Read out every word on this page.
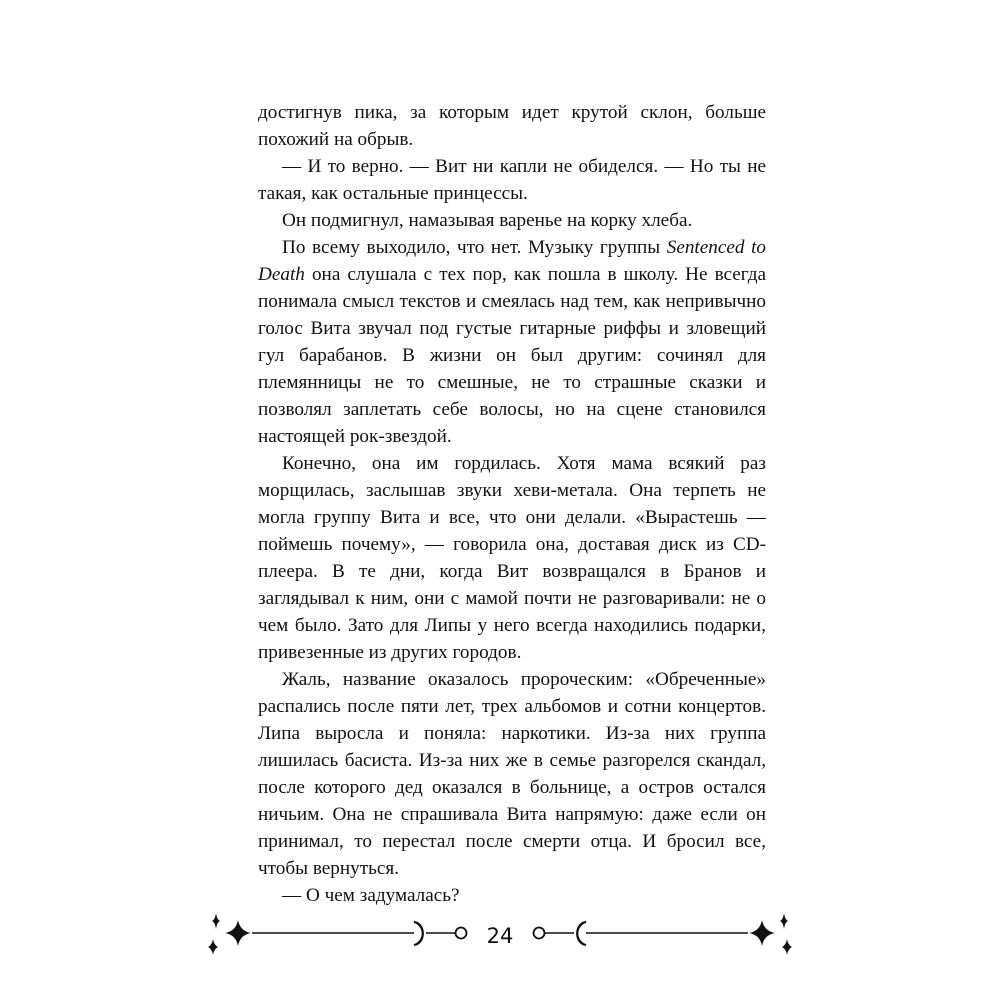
достигнув пика, за которым идет крутой склон, больше похожий на обрыв.

— И то верно. — Вит ни капли не обиделся. — Но ты не такая, как остальные принцессы.

Он подмигнул, намазывая варенье на корку хлеба.

По всему выходило, что нет. Музыку группы Sentenced to Death она слушала с тех пор, как пошла в школу. Не всегда понимала смысл текстов и смеялась над тем, как непривычно голос Вита звучал под густые гитарные риффы и зловещий гул барабанов. В жизни он был другим: сочинял для племянницы не то смешные, не то страшные сказки и позволял заплетать себе волосы, но на сцене становился настоящей рок-звездой.

Конечно, она им гордилась. Хотя мама всякий раз морщилась, заслышав звуки хеви-метала. Она терпеть не могла группу Вита и все, что они делали. «Вырастешь — поймешь почему», — говорила она, доставая диск из CD-плеера. В те дни, когда Вит возвращался в Бранов и заглядывал к ним, они с мамой почти не разговаривали: не о чем было. Зато для Липы у него всегда находились подарки, привезенные из других городов.

Жаль, название оказалось пророческим: «Обреченные» распались после пяти лет, трех альбомов и сотни концертов. Липа выросла и поняла: наркотики. Из-за них группа лишилась басиста. Из-за них же в семье разгорелся скандал, после которого дед оказался в больнице, а остров остался ничьим. Она не спрашивала Вита напрямую: даже если он принимал, то перестал после смерти отца. И бросил все, чтобы вернуться.

— О чем задумалась?

24
